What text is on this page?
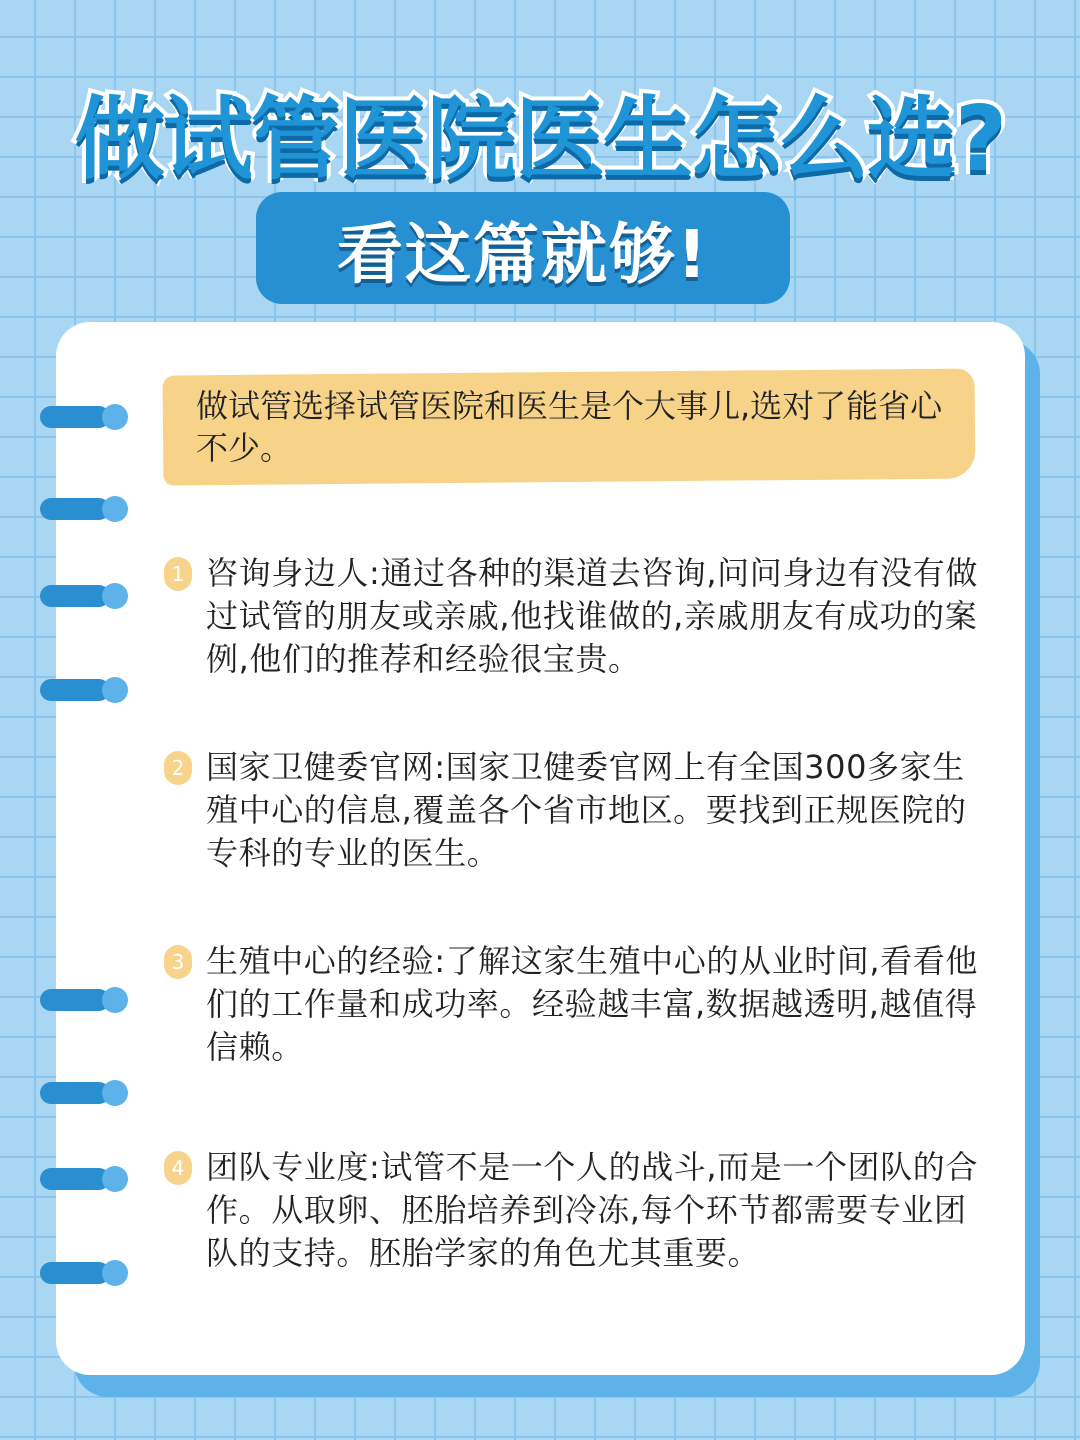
做试管医院医生怎么选?
看这篇就够!
做试管选择试管医院和医生是个大事儿,选对了能省心不少。
1 咨询身边人:通过各种的渠道去咨询,问问身边有没有做过试管的朋友或亲戚,他找谁做的,亲戚朋友有成功的案例,他们的推荐和经验很宝贵。
2 国家卫健委官网:国家卫健委官网上有全国300多家生殖中心的信息,覆盖各个省市地区。要找到正规医院的专科的专业的医生。
3 生殖中心的经验:了解这家生殖中心的从业时间,看看他们的工作量和成功率。经验越丰富,数据越透明,越值得信赖。
4 团队专业度:试管不是一个人的战斗,而是一个团队的合作。从取卵、胚胎培养到冷冻,每个环节都需要专业团队的支持。胚胎学家的角色尤其重要。
